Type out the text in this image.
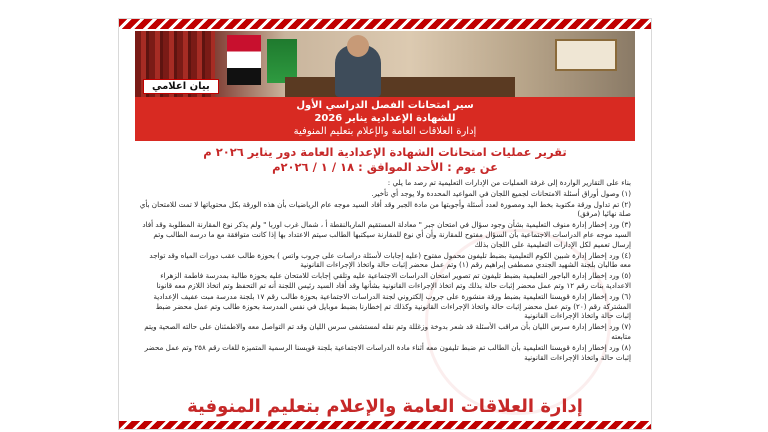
بيان اعلامي
سير امتحانات الفصل الدراسي الأول
للشهادة الإعدادية يناير 2026
إدارة العلاقات العامة والإعلام بتعليم المنوفية
تقرير عمليات امتحانات الشهادة الإعدادية العامة دور يناير ٢٠٢٦ م
عن يوم : الأحد الموافق : ١٨ / ١ / ٢٠٢٦م
بناء على التقارير الواردة إلى غرفة العمليات من الإدارات التعليمية تم رصد ما يلي :
(١) وصول أوراق أسئلة الامتحانات لجميع اللجان في المواعيد المحددة ولا يوجد أي تأخير.
(٢) تم تداول ورقة مكتوبة بخط اليد ومصورة لعدد أسئلة وأجوبتها من مادة الجبر وقد أفاد السيد موجه عام الرياضيات بأن هذه الورقة بكل محتوياتها لا تمت للامتحان بأي صلة نهائيا (مرفق)
(٣) ورد إخطار إدارة منوف التعليمية بشأن وجود سؤال في امتحان جبر " معادلة المستقيم الماربالنقطة أ ، شمال غرب اوربا " ولم يذكر نوع المقارنة المطلوبة وقد أفاد السيد موجه عام الدراسات الاجتماعية بأن السؤال مفتوح للمقارنة وأن أي نوع للمقارنة سيكتبها الطالب سيتم الاعتداد بها إذا كانت متوافقة مع ما درسه الطالب وتم إرسال تعميم لكل الإدارات التعليمية على اللجان بذلك
(٤) ورد إخطار إدارة شبين الكوم التعليمية بضبط تليفون محمول مفتوح (عليه إجابات لأسئلة دراسات على جروب واتس ) بحوزة طالب عقب دورات المياه وقد تواجد معه طالبان بلجنة الشهيد الجندي مصطفى إبراهيم رقم (١) وتم عمل محضر إثبات حالة واتخاذ الإجراءات القانونية
(٥) ورد إخطار إدارة الباجور التعليمية بضبط تليفون تم تصوير امتحان الدراسات الاجتماعية عليه وتلقي إجابات للامتحان عليه بحوزة طالبة بمدرسة فاطمة الزهراء الاعدادية بنات رقم ١٢ وتم عمل محضر إثبات حالة بذلك وتم اتخاذ الإجراءات القانونية بشأنها وقد أفاد السيد رئيس اللجنة أنه تم التحفظ وتم اتخاذ اللازم معه قانونا
(٦) ورد إخطار إدارة قويسنا التعليمية بضبط ورقة منشورة على جروب إلكتروني لجنة الدراسات الاجتماعية بحوزة طالب رقم ١٧ بلجنة مدرسة مبت عفيف الإعدادية المشتركة رقم (٢٠) وتم عمل محضر إثبات حالة واتخاذ الإجراءات القانونية وكذلك تم إخطارنا بضبط موبايل في نفس المدرسة بحوزة طالب وتم عمل محضر ضبط إثبات حالة واتخاذ الإجراءات القانونية
(٧) ورد إخطار إدارة سرس الليان بأن مراقب الأسئلة قد شعر بدوخة وزغللة وتم نقله لمستشفى سرس الليان وقد تم التواصل معه والاطمئنان على حالته الصحية ويتم متابعته
(٨) ورد إخطار إدارة قويسنا التعليمية بأن الطالب تم ضبط تليفون معه أثناء مادة الدراسات الاجتماعية بلجنة قويسنا الرسمية المتميزة للغات رقم ٢٥٨ وتم عمل محضر إثبات حالة واتخاذ الإجراءات القانونية
إدارة العلاقات العامة والإعلام بتعليم المنوفية
